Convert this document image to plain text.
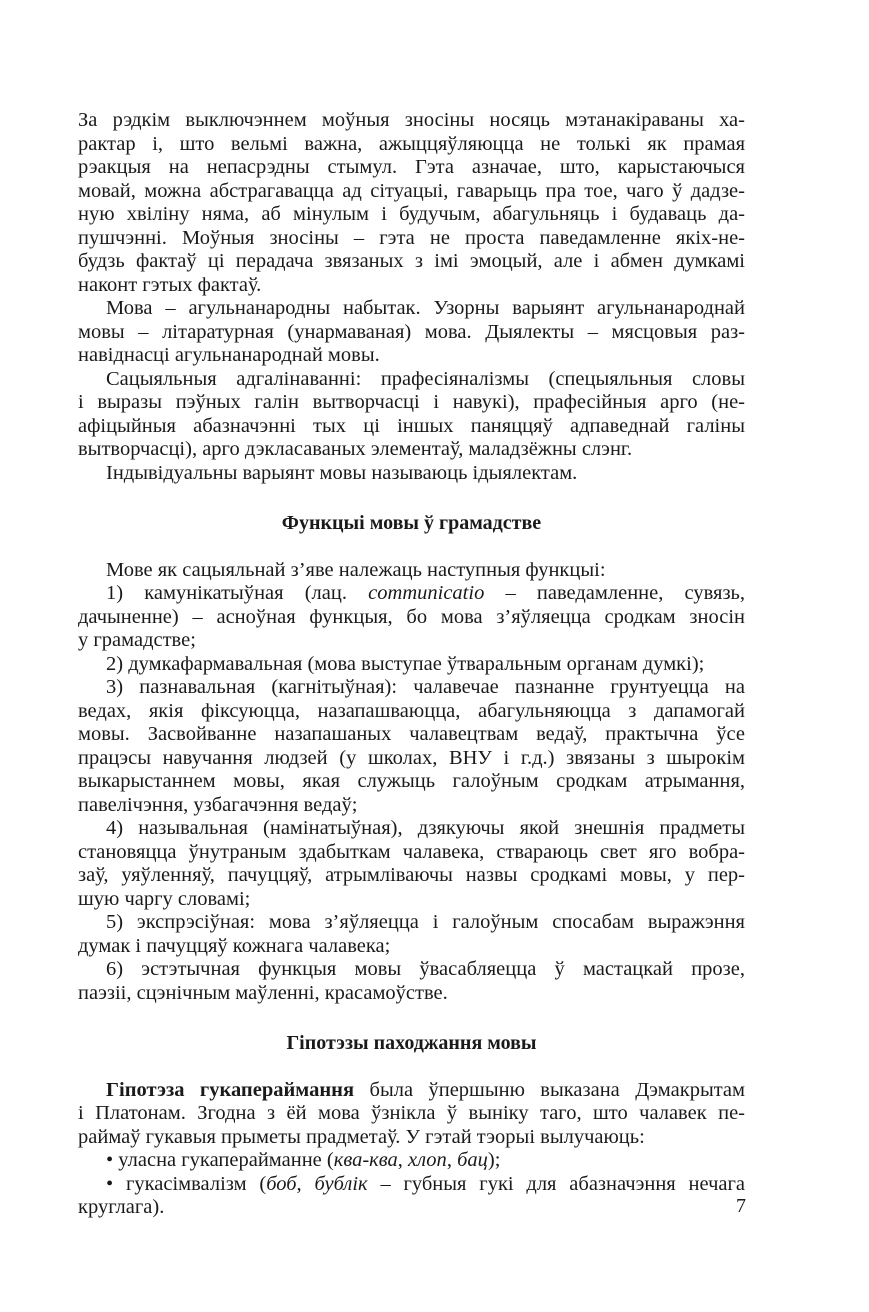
За рэдкім выключэннем моўныя зносіны носяць мэтанакіраваны ха-
рактар і, што вельмі важна, ажыццяўляюцца не толькі як прамая
рэакцыя на непасрэдны стымул. Гэта азначае, што, карыстаючыся
мовай, можна абстрагавацца ад сітуацыі, гаварыць пра тое, чаго ў дадзе-
ную хвіліну няма, аб мінулым і будучым, абагульняць і будаваць да-
пушчэнні. Моўныя зносіны – гэта не проста паведамленне якіх-не-
будзь фактаў ці перадача звязаных з імі эмоцый, але і абмен думкамі
наконт гэтых фактаў.
Мова – агульнанародны набытак. Узорны варыянт агульнанароднай
мовы – літаратурная (унармаваная) мова. Дыялекты – мясцовыя раз-
навіднасці агульнанароднай мовы.
Сацыяльныя адгалінаванні: прафесіяналізмы (спецыяльныя словы
і выразы пэўных галін вытворчасці і навукі), прафесійныя арго (не-
афіцыйныя абазначэнні тых ці іншых паняццяў адпаведнай галіны
вытворчасці), арго дэкласаваных элементаў, маладзёжны слэнг.
Індывідуальны варыянт мовы называюць ідыялектам.
Функцыі мовы ў грамадстве
Мове як сацыяльнай з’яве належаць наступныя функцыі:
1) камунікатыўная (лац. communicatio – паведамленне, сувязь,
дачыненне) – асноўная функцыя, бо мова з’яўляецца сродкам зносін
у грамадстве;
2) думкафармавальная (мова выступае ўтваральным органам думкі);
3) пазнавальная (кагнітыўная): чалавечае пазнанне грунтуецца на
ведах, якія фіксуюцца, назапашваюцца, абагульняюцца з дапамогай
мовы. Засвойванне назапашаных чалавецтвам ведаў, практычна ўсе
працэсы навучання людзей (у школах, ВНУ і г.д.) звязаны з шырокім
выкарыстаннем мовы, якая служыць галоўным сродкам атрымання,
павелічэння, узбагачэння ведаў;
4) называльная (намінатыўная), дзякуючы якой знешнія прадметы
становяцца ўнутраным здабыткам чалавека, ствараюць свет яго вобра-
заў, уяўленняў, пачуццяў, атрымліваючы назвы сродкамі мовы, у пер-
шую чаргу словамі;
5) экспрэсіўная: мова з’яўляецца і галоўным спосабам выражэння
думак і пачуццяў кожнага чалавека;
6) эстэтычная функцыя мовы ўвасабляецца ў мастацкай прозе,
паэзіі, сцэнічным маўленні, красамоўстве.
Гіпотэзы паходжання мовы
Гіпотэза гукапераймання была ўпершыню выказана Дэмакрытам
і Платонам. Згодна з ёй мова ўзнікла ў выніку таго, што чалавек пе-
раймаў гукавыя прыметы прадметаў. У гэтай тэорыі вылучаюць:
• уласна гукаперайманне (ква-ква, хлоп, бац);
• гукасімвалізм (боб, бублік – губныя гукі для абазначэння нечага
круглага).	7
